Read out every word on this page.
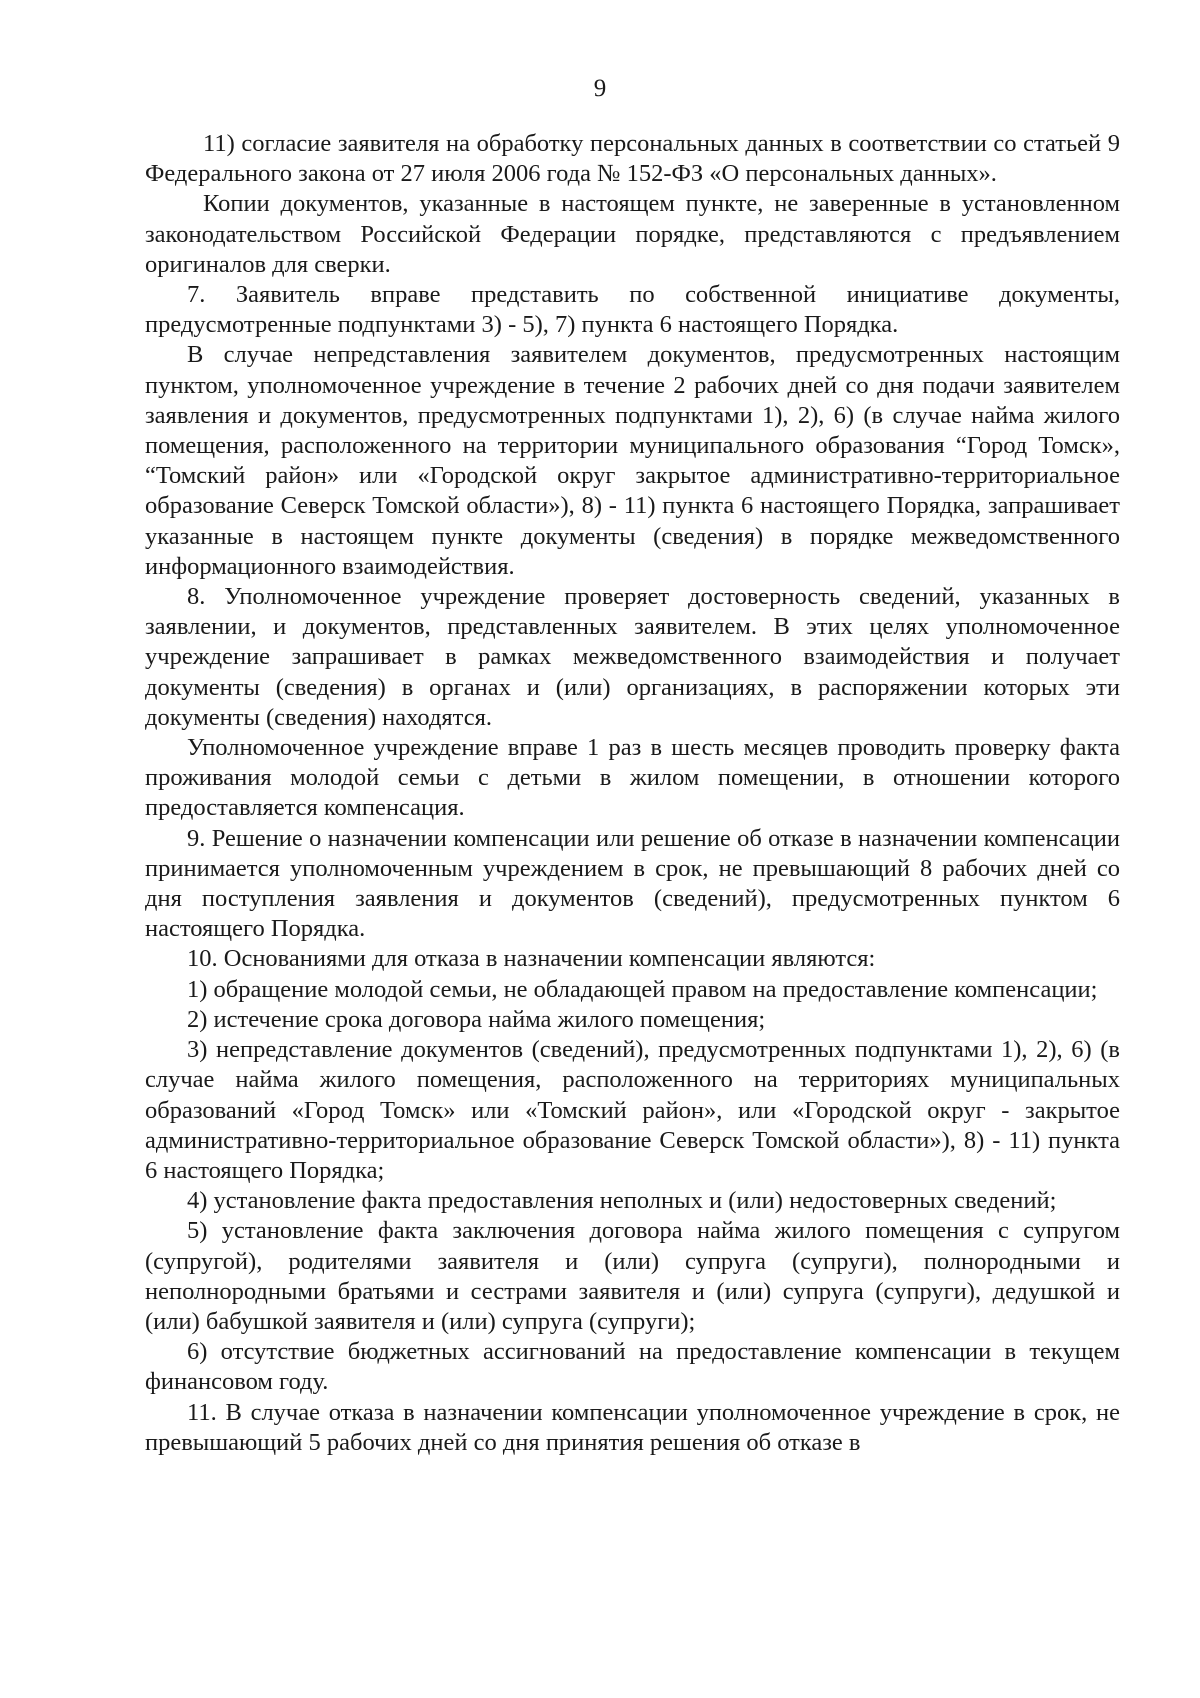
9

11) согласие заявителя на обработку персональных данных в соответствии со статьей 9 Федерального закона от 27 июля 2006 года № 152-ФЗ «О персональных данных».

Копии документов, указанные в настоящем пункте, не заверенные в установленном законодательством Российской Федерации порядке, представляются с предъявлением оригиналов для сверки.

7. Заявитель вправе представить по собственной инициативе документы, предусмотренные подпунктами 3) - 5), 7) пункта 6 настоящего Порядка.

В случае непредставления заявителем документов, предусмотренных настоящим пунктом, уполномоченное учреждение в течение 2 рабочих дней со дня подачи заявителем заявления и документов, предусмотренных подпунктами 1), 2), 6) (в случае найма жилого помещения, расположенного на территории муниципального образования “Город Томск», “Томский район» или «Городской округ закрытое административно-территориальное образование Северск Томской области»), 8) - 11) пункта 6 настоящего Порядка, запрашивает указанные в настоящем пункте документы (сведения) в порядке межведомственного информационного взаимодействия.

8. Уполномоченное учреждение проверяет достоверность сведений, указанных в заявлении, и документов, представленных заявителем. В этих целях уполномоченное учреждение запрашивает в рамках межведомственного взаимодействия и получает документы (сведения) в органах и (или) организациях, в распоряжении которых эти документы (сведения) находятся.

Уполномоченное учреждение вправе 1 раз в шесть месяцев проводить проверку факта проживания молодой семьи с детьми в жилом помещении, в отношении которого предоставляется компенсация.

9. Решение о назначении компенсации или решение об отказе в назначении компенсации принимается уполномоченным учреждением в срок, не превышающий 8 рабочих дней со дня поступления заявления и документов (сведений), предусмотренных пунктом 6 настоящего Порядка.

10. Основаниями для отказа в назначении компенсации являются:

1) обращение молодой семьи, не обладающей правом на предоставление компенсации;

2) истечение срока договора найма жилого помещения;

3) непредставление документов (сведений), предусмотренных подпунктами 1), 2), 6) (в случае найма жилого помещения, расположенного на территориях муниципальных образований «Город Томск» или «Томский район», или «Городской округ - закрытое административно-территориальное образование Северск Томской области»), 8) - 11) пункта 6 настоящего Порядка;

4) установление факта предоставления неполных и (или) недостоверных сведений;

5) установление факта заключения договора найма жилого помещения с супругом (супругой), родителями заявителя и (или) супруга (супруги), полнородными и неполнородными братьями и сестрами заявителя и (или) супруга (супруги), дедушкой и (или) бабушкой заявителя и (или) супруга (супруги);

6) отсутствие бюджетных ассигнований на предоставление компенсации в текущем финансовом году.

11. В случае отказа в назначении компенсации уполномоченное учреждение в срок, не превышающий 5 рабочих дней со дня принятия решения об отказе в
